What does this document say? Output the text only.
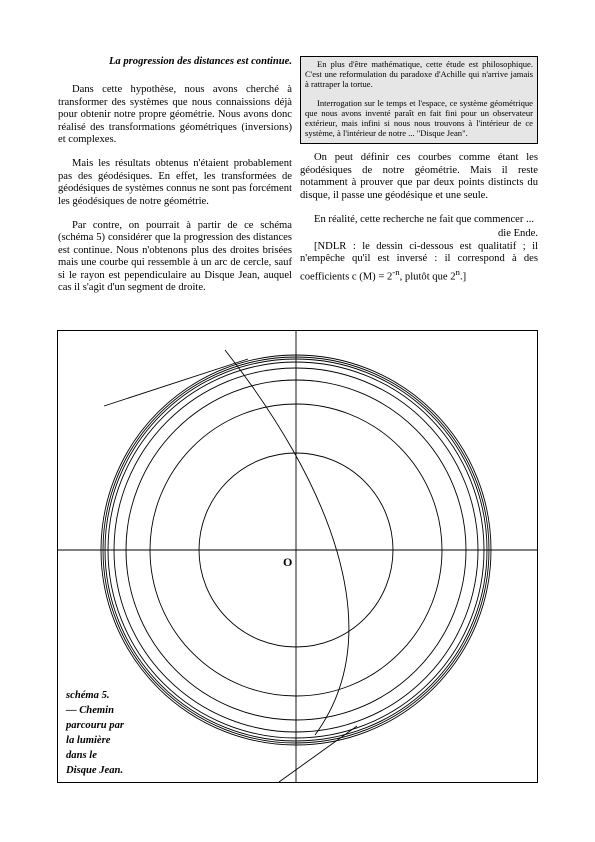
La progression des distances est continue.

Dans cette hypothèse, nous avons cherché à transformer des systèmes que nous connaissions déjà pour obtenir notre propre géométrie. Nous avons donc réalisé des transformations géométriques (inversions) et complexes.

Mais les résultats obtenus n'étaient probablement pas des géodésiques. En effet, les transformées de géodésiques de systèmes connus ne sont pas forcément les géodésiques de notre géométrie.

Par contre, on pourrait à partir de ce schéma (schéma 5) considérer que la progression des distances est continue. Nous n'obtenons plus des droites brisées mais une courbe qui ressemble à un arc de cercle, sauf si le rayon est pependiculaire au Disque Jean, auquel cas il s'agit d'un segment de droite.

En plus d'être mathématique, cette étude est philosophique. C'est une reformulation du paradoxe d'Achille qui n'arrive jamais à rattraper la tortue.

Interrogation sur le temps et l'espace, ce système géométrique que nous avons inventé paraît en fait fini pour un observateur extérieur, mais infini si nous nous trouvons à l'intérieur de ce système, à l'intérieur de notre ... "Disque Jean".

On peut définir ces courbes comme étant les géodésiques de notre géométrie. Mais il reste notamment à prouver que par deux points distincts du disque, il passe une géodésique et une seule.

En réalité, cette recherche ne fait que commencer ...

die Ende.

[NDLR : le dessin ci-dessous est qualitatif ; il n'empêche qu'il est inversé : il correspond à des coefficients c $(M) = 2^{-n}$, plutôt que 2$^n$.]

O
schéma 5.
— Chemin
parcouru par
la lumière
dans le
Disque Jean.
